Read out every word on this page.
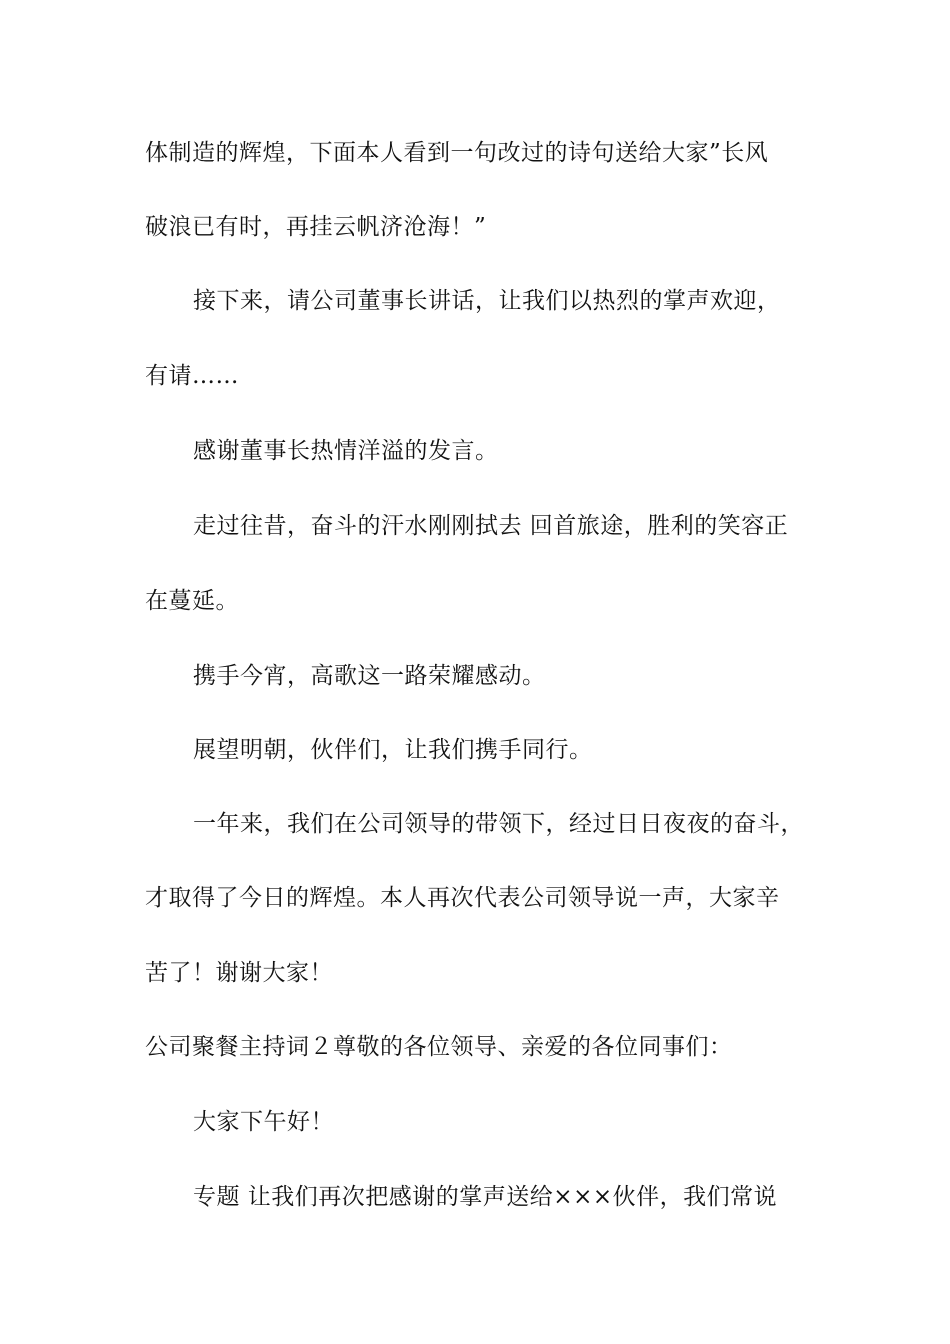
体制造的辉煌，下面本人看到一句改过的诗句送给大家”长风
破浪已有时，再挂云帆济沧海！”
接下来，请公司董事长讲话，让我们以热烈的掌声欢迎，
有请……
感谢董事长热情洋溢的发言。
走过往昔，奋斗的汗水刚刚拭去 回首旅途，胜利的笑容正
在蔓延。
携手今宵，高歌这一路荣耀感动。
展望明朝，伙伴们，让我们携手同行。
一年来，我们在公司领导的带领下，经过日日夜夜的奋斗，
才取得了今日的辉煌。本人再次代表公司领导说一声，大家辛
苦了！谢谢大家！
公司聚餐主持词２尊敬的各位领导、亲爱的各位同事们：
大家下午好！
专题 让我们再次把感谢的掌声送给×××伙伴，我们常说
